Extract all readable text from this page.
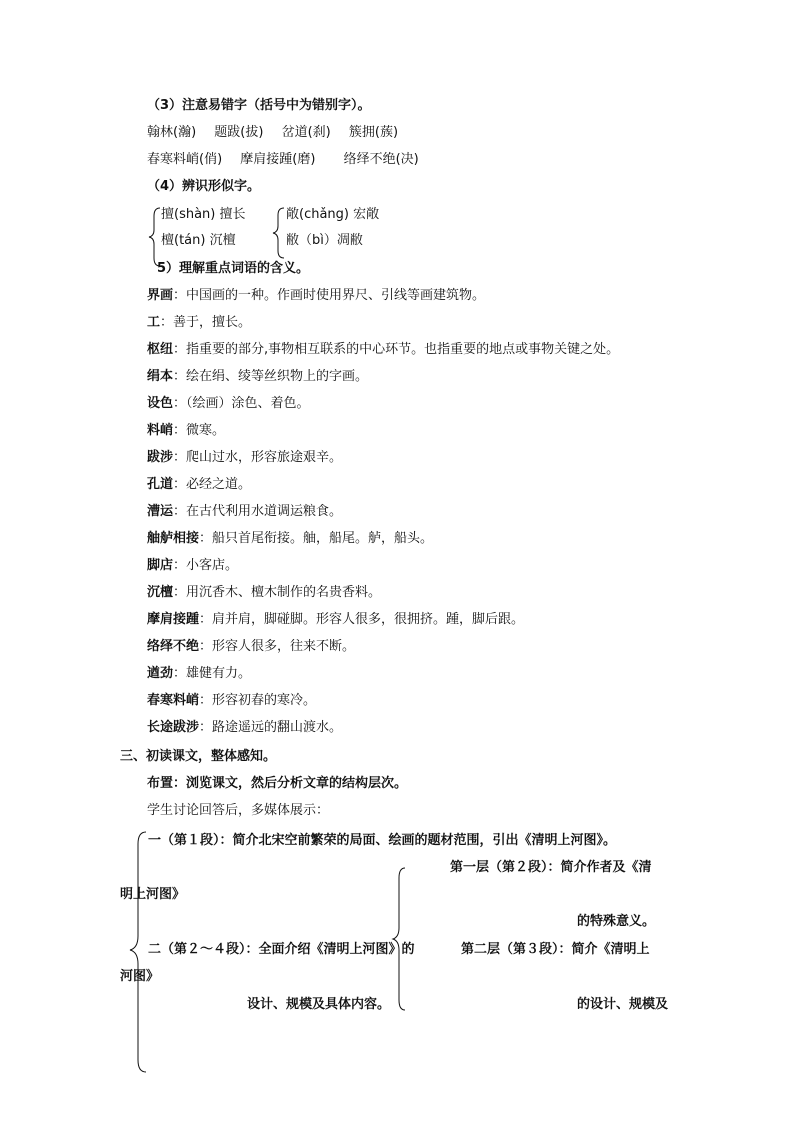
（3）注意易错字（括号中为错别字）。
翰林(瀚) 题跋(拔) 岔道(刹) 簇拥(蔟)
春寒料峭(俏) 摩肩接踵(磨) 络绎不绝(决)
（4）辨识形似字。
擅(shàn) 擅长
檀(tán) 沉檀
敞(chǎng) 宏敞
敝（bì）凋敝
5）理解重点词语的含义。
界画：中国画的一种。作画时使用界尺、引线等画建筑物。
工：善于，擅长。
枢纽：指重要的部分,事物相互联系的中心环节。也指重要的地点或事物关键之处。
绢本：绘在绢、绫等丝织物上的字画。
设色：（绘画）涂色、着色。
料峭：微寒。
跋涉：爬山过水，形容旅途艰辛。
孔道：必经之道。
漕运：在古代利用水道调运粮食。
舳舻相接：船只首尾衔接。舳，船尾。舻，船头。
脚店：小客店。
沉檀：用沉香木、檀木制作的名贵香料。
摩肩接踵：肩并肩，脚碰脚。形容人很多，很拥挤。踵，脚后跟。
络绎不绝：形容人很多，往来不断。
遒劲：雄健有力。
春寒料峭：形容初春的寒冷。
长途跋涉：路途遥远的翻山渡水。
三、初读课文，整体感知。
布置：浏览课文，然后分析文章的结构层次。
学生讨论回答后，多媒体展示：
一（第１段）：简介北宋空前繁荣的局面、绘画的题材范围，引出《清明上河图》。
第一层（第２段）：简介作者及《清
明上河图》
的特殊意义。
二（第２～４段）：全面介绍《清明上河图》的	第二层（第３段）：简介《清明上
河图》
设计、规模及具体内容。	的设计、规模及
